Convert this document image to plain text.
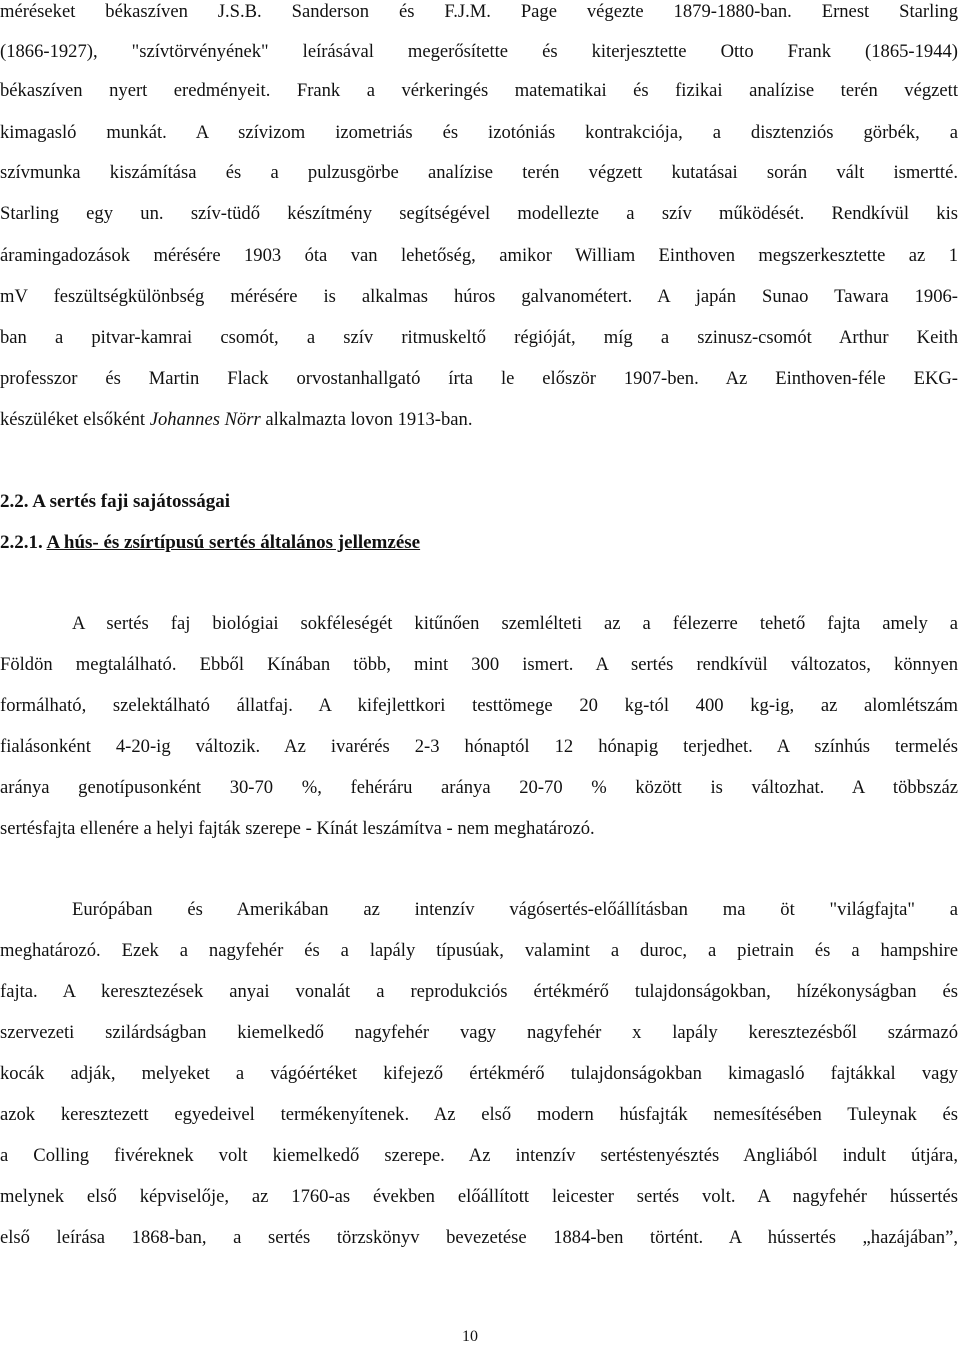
méréseket békaszíven J.S.B. Sanderson és F.J.M. Page végezte 1879-1880-ban. Ernest Starling
(1866-1927), "szívtörvényének" leírásával megerősítette és kiterjesztette Otto Frank (1865-1944)
békaszíven nyert eredményeit. Frank a vérkeringés matematikai és fizikai analízise terén végzett
kimagasló munkát. A szívizom izometriás és izotóniás kontrakciója, a disztenziós görbék, a
szívmunka kiszámítása és a pulzusgörbe analízise terén végzett kutatásai során vált ismertté.
Starling egy un. szív-tüdő készítmény segítségével modellezte a szív működését. Rendkívül kis
áramingadozások mérésére 1903 óta van lehetőség, amikor William Einthoven megszerkesztette az 1
mV feszültségkülönbség mérésére is alkalmas húros galvanométert. A japán Sunao Tawara 1906-
ban a pitvar-kamrai csomót, a szív ritmuskeltő régióját, míg a szinusz-csomót Arthur Keith
professzor és Martin Flack orvostanhallgató írta le először 1907-ben. Az Einthoven-féle EKG-
készüléket elsőként Johannes Nörr alkalmazta lovon 1913-ban.
2.2. A sertés faji sajátosságai
2.2.1. A hús- és zsírtípusú sertés általános jellemzése
A sertés faj biológiai sokféleségét kitűnően szemlélteti az a félezerre tehető fajta amely a
Földön megtalálható. Ebből Kínában több, mint 300 ismert. A sertés rendkívül változatos, könnyen
formálható, szelektálható állatfaj. A kifejlettkori testtömege 20 kg-tól 400 kg-ig, az alomlétszám
fialásonként 4-20-ig változik. Az ivarérés 2-3 hónaptól 12 hónapig terjedhet. A színhús termelés
aránya genotípusonként 30-70 %, fehéráru aránya 20-70 % között is változhat. A többszáz
sertésfajta ellenére a helyi fajták szerepe - Kínát leszámítva - nem meghatározó.
Európában és Amerikában az intenzív vágósertés-előállításban ma öt "világfajta" a
meghatározó. Ezek a nagyfehér és a lapály típusúak, valamint a duroc, a pietrain és a hampshire
fajta. A keresztezések anyai vonalát a reprodukciós értékmérő tulajdonságokban, hízékonyságban és
szervezeti szilárdságban kiemelkedő nagyfehér vagy nagyfehér x lapály keresztezésből származó
kocák adják, melyeket a vágóértéket kifejező értékmérő tulajdonságokban kimagasló fajtákkal vagy
azok keresztezett egyedeivel termékenyítenek. Az első modern húsfajták nemesítésében Tuleynak és
a Colling fivéreknek volt kiemelkedő szerepe. Az intenzív sertéstenyésztés Angliából indult útjára,
melynek első képviselője, az 1760-as években előállított leicester sertés volt. A nagyfehér hússertés
első leírása 1868-ban, a sertés törzskönyv bevezetése 1884-ben történt. A hússertés „hazájában”,
10
